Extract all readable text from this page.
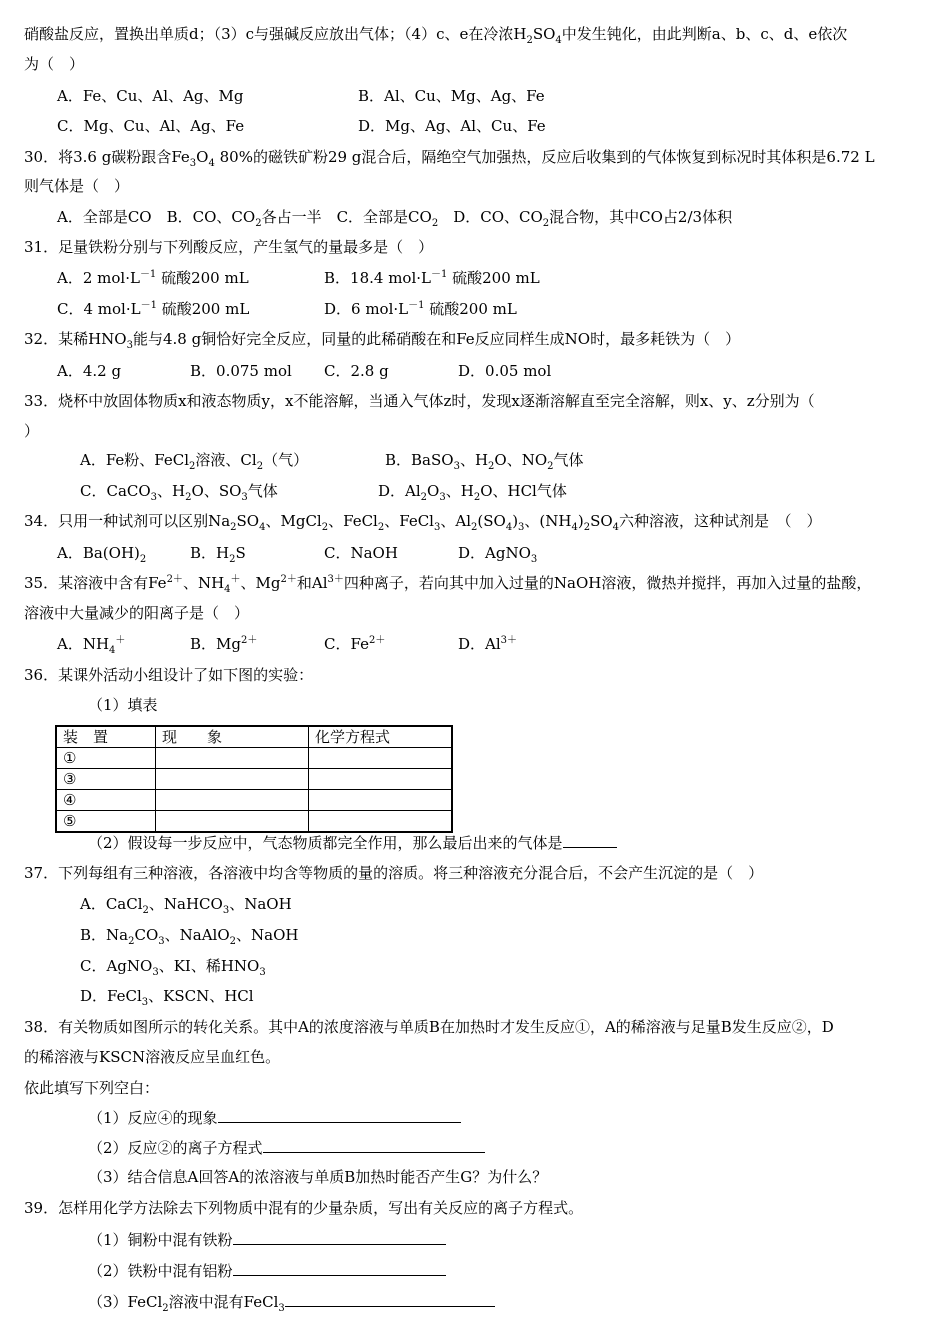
硝酸盐反应，置换出单质d；（3）c与强碱反应放出气体；（4）c、e在冷浓$H_2SO_4$中发生钝化，由此判断a、b、c、d、e依次
为（　）
A．Fe、Cu、Al、Ag、Mg	B．Al、Cu、Mg、Ag、Fe
C．Mg、Cu、Al、Ag、Fe	D．Mg、Ag、Al、Cu、Fe
30．将3.6 g碳粉跟含$Fe_3O_4$ 80%的磁铁矿粉29 g混合后，隔绝空气加强热，反应后收集到的气体恢复到标况时其体积是6.72 L
则气体是（　）
A．全部是CO　B．CO、$CO_2$各占一半　C．全部是$CO_2$　D．CO、$CO_2$混合物，其中CO占2/3体积
31．足量铁粉分别与下列酸反应，产生氢气的量最多是（　）
A．2 $mol\cdot L^{-1}$ 硫酸200 mL	B．18.4 $mol\cdot L^{-1}$ 硫酸200 mL
C．4 $mol\cdot L^{-1}$ 硫酸200 mL	D．6 $mol\cdot L^{-1}$ 硫酸200 mL
32．某稀$HNO_3$能与4.8 g铜恰好完全反应，同量的此稀硝酸在和Fe反应同样生成NO时，最多耗铁为（　）
A．4.2 g	B．0.075 mol C．2.8 g	D．0.05 mol
33．烧杯中放固体物质x和液态物质y，x不能溶解，当通入气体z时，发现x逐渐溶解直至完全溶解，则x、y、z分别为（
）
A．Fe粉、FeCl$_2$溶液、$Cl_2$（气）	B．BaSO$_3$、$H_2O$、$NO_2$气体
C．CaCO$_3$、$H_2O$、$SO_3$气体	D．$Al_2O_3$、$H_2O$、HCl气体
34．只用一种试剂可以区别$Na_2SO_4$、MgCl$_2$、FeCl$_2$、FeCl$_3$、$Al_2(SO_4)_3$、$(NH_4)_2SO_4$六种溶液，这种试剂是　（　）
A．$Ba(OH)_2$	B．$H_2S$	C．NaOH	D．AgNO$_3$
35．某溶液中含有$Fe^{2+}$、$NH_4^+$、$Mg^{2+}$和$Al^{3+}$四种离子，若向其中加入过量的NaOH溶液，微热并搅拌，再加入过量的盐酸，
溶液中大量减少的阳离子是（　）
A．$NH_4^+$	B．$Mg^{2+}$	C．$Fe^{2+}$	D．$Al^{3+}$
36．某课外活动小组设计了如下图的实验：
（1）填表
装　置	现　　象	化学方程式
①		
③		
④		
⑤		
（2）假设每一步反应中，气态物质都完全作用，那么最后出来的气体是
37．下列每组有三种溶液，各溶液中均含等物质的量的溶质。将三种溶液充分混合后，不会产生沉淀的是（　）
A．CaCl$_2$、NaHCO$_3$、NaOH
B．$Na_2CO_3$、NaAlO$_2$、NaOH
C．AgNO$_3$、KI、稀$HNO_3$
D．FeCl$_3$、KSCN、HCl
38．有关物质如图所示的转化关系。其中A的浓度溶液与单质B在加热时才发生反应①，A的稀溶液与足量B发生反应②，D
的稀溶液与KSCN溶液反应呈血红色。
依此填写下列空白：
（1）反应④的现象
（2）反应②的离子方程式
（3）结合信息A回答A的浓溶液与单质B加热时能否产生G？为什么？
39．怎样用化学方法除去下列物质中混有的少量杂质，写出有关反应的离子方程式。
（1）铜粉中混有铁粉
（2）铁粉中混有铝粉
（3）FeCl$_2$溶液中混有FeCl$_3$
